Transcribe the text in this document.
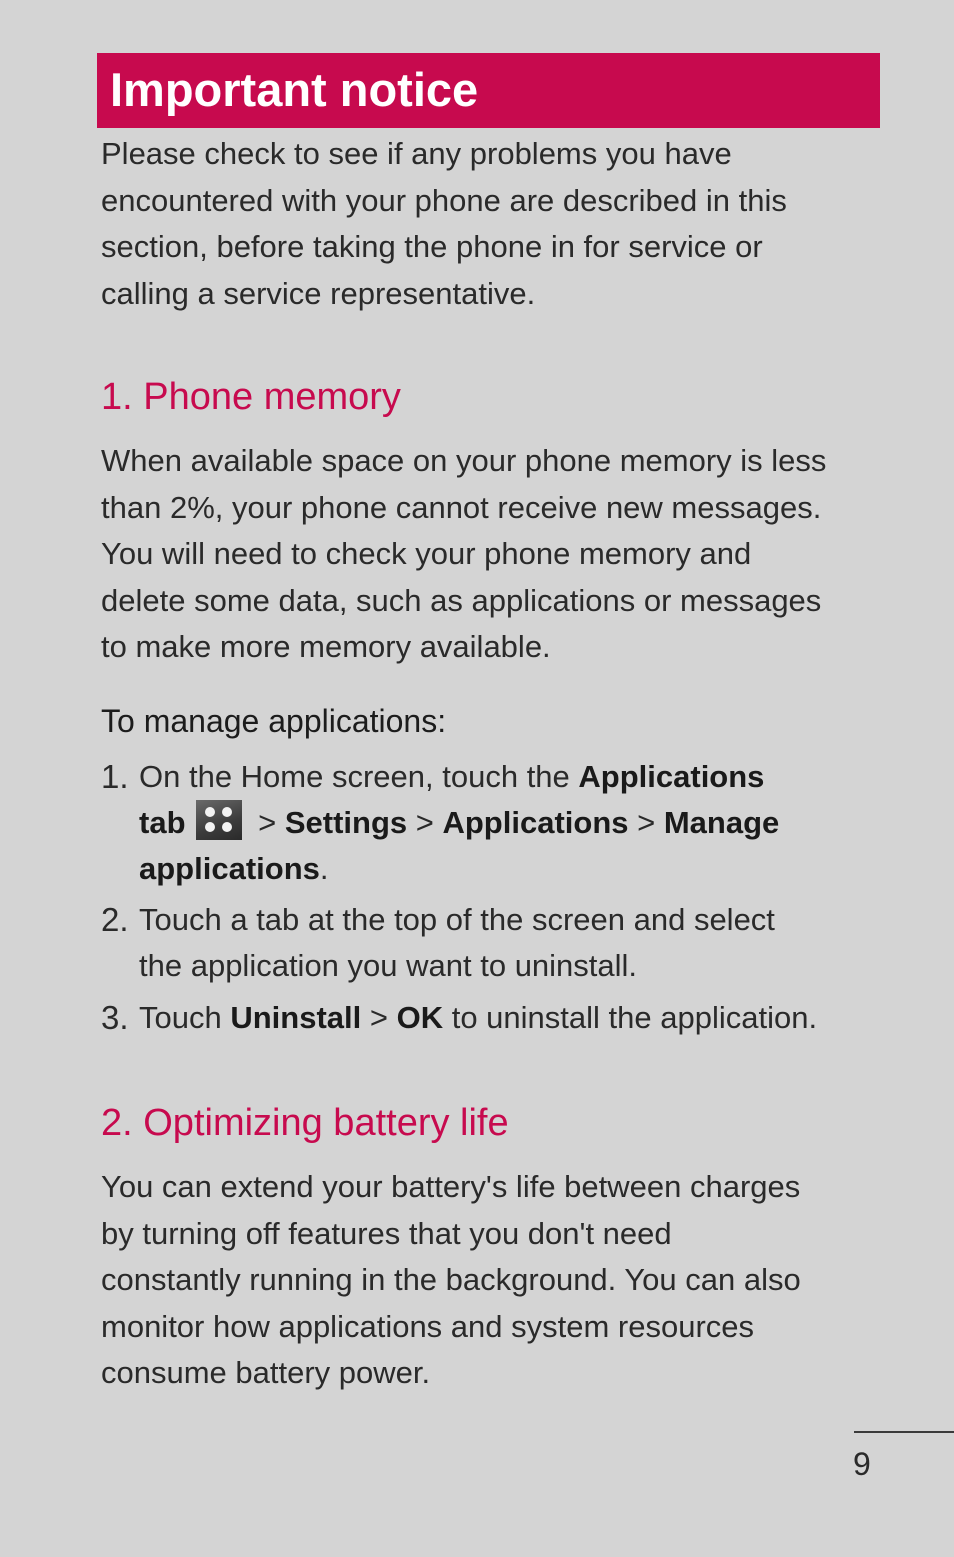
Important notice
Please check to see if any problems you have
encountered with your phone are described in this
section, before taking the phone in for service or
calling a service representative.
1. Phone memory
When available space on your phone memory is less
than 2%, your phone cannot receive new messages.
You will need to check your phone memory and
delete some data, such as applications or messages
to make more memory available.
To manage applications:
1. On the Home screen, touch the Applications
tab
> Settings > Applications > Manage
applications.
2. Touch a tab at the top of the screen and select
the application you want to uninstall.
3. Touch Uninstall > OK to uninstall the application.
2. Optimizing battery life
You can extend your battery's life between charges
by turning off features that you don't need
constantly running in the background. You can also
monitor how applications and system resources
consume battery power.
9
